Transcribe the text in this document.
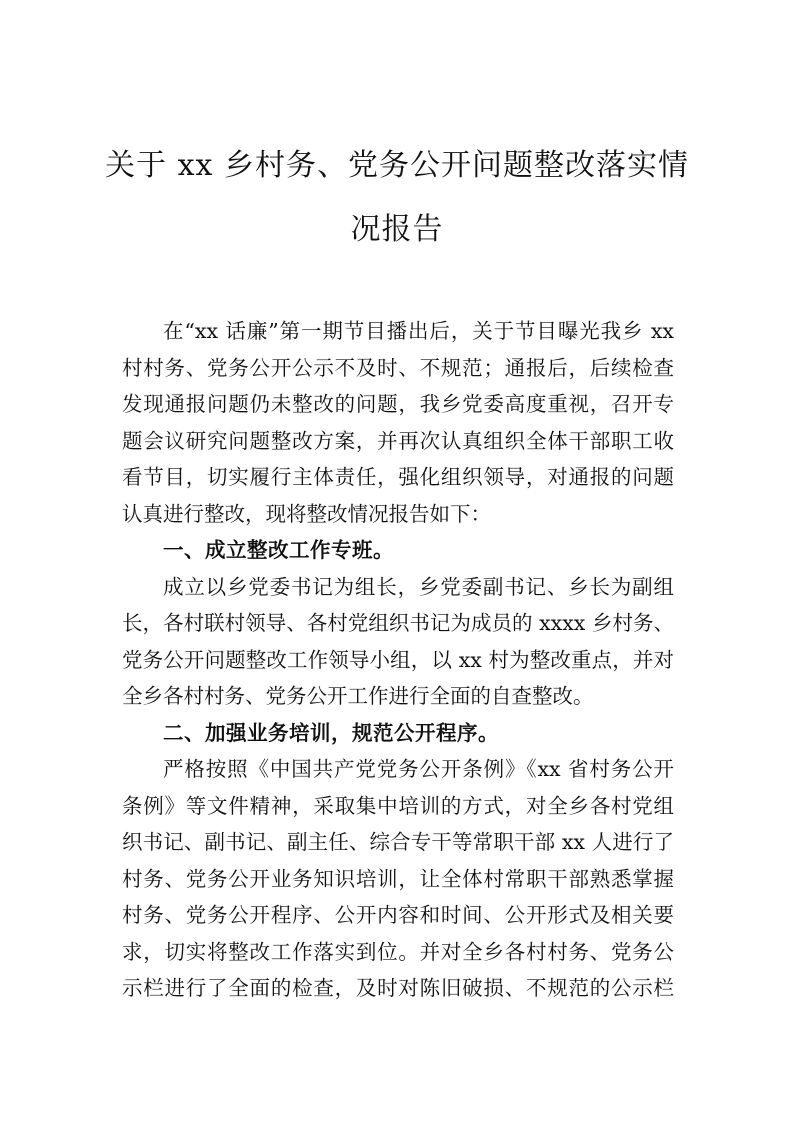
关于 xx 乡村务、党务公开问题整改落实情
况报告
在“xx 话廉”第一期节目播出后，关于节目曝光我乡 xx
村村务、党务公开公示不及时、不规范；通报后，后续检查
发现通报问题仍未整改的问题，我乡党委高度重视，召开专
题会议研究问题整改方案，并再次认真组织全体干部职工收
看节目，切实履行主体责任，强化组织领导，对通报的问题
认真进行整改，现将整改情况报告如下：
一、成立整改工作专班。
成立以乡党委书记为组长，乡党委副书记、乡长为副组
长，各村联村领导、各村党组织书记为成员的 xxxx 乡村务、
党务公开问题整改工作领导小组，以 xx 村为整改重点，并对
全乡各村村务、党务公开工作进行全面的自查整改。
二、加强业务培训，规范公开程序。
严格按照《中国共产党党务公开条例》《xx 省村务公开
条例》等文件精神，采取集中培训的方式，对全乡各村党组
织书记、副书记、副主任、综合专干等常职干部 xx 人进行了
村务、党务公开业务知识培训，让全体村常职干部熟悉掌握
村务、党务公开程序、公开内容和时间、公开形式及相关要
求，切实将整改工作落实到位。并对全乡各村村务、党务公
示栏进行了全面的检查，及时对陈旧破损、不规范的公示栏
